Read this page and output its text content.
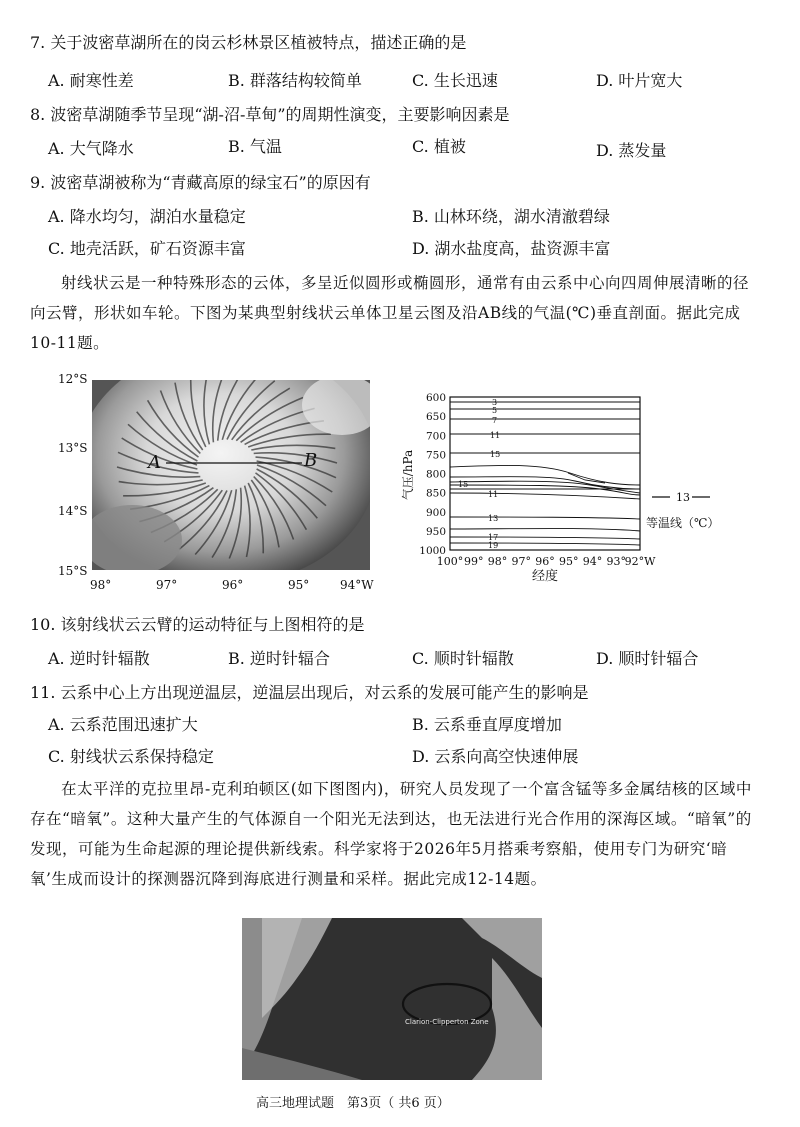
7. 关于波密草湖所在的岗云杉林景区植被特点，描述正确的是
A. 耐寒性差	B. 群落结构较简单	C. 生长迅速	D. 叶片宽大
8. 波密草湖随季节呈现“湖-沼-草甸”的周期性演变，主要影响因素是
A. 大气降水	B. 气温	C. 植被	D. 蒸发量
9. 波密草湖被称为“青藏高原的绿宝石”的原因有
A. 降水均匀，湖泊水量稳定	B. 山林环绕，湖水清澈碧绿
C. 地壳活跃，矿石资源丰富	D. 湖水盐度高，盐资源丰富
射线状云是一种特殊形态的云体，多呈近似圆形或椭圆形，通常有由云系中心向四周伸展清晰的径向云臂，形状如车轮。下图为某典型射线状云单体卫星云图及沿AB线的气温(℃)垂直剖面。据此完成10-11题。
A	B
12°S
13°S
14°S
15°S
98°	97°	96°	95°	94°W
3
5
7
11
15
15
11
13
17
19
600
650
700
750
800
850
900
950
1000
100° 99° 98° 97° 96° 95° 94° 93°
92°W
气压/hPa
经度
13
等温线（℃）
10. 该射线状云云臂的运动特征与上图相符的是
A. 逆时针辐散	B. 逆时针辐合	C. 顺时针辐散	D. 顺时针辐合
11. 云系中心上方出现逆温层，逆温层出现后，对云系的发展可能产生的影响是
A. 云系范围迅速扩大	B. 云系垂直厚度增加
C. 射线状云系保持稳定	D. 云系向高空快速伸展
在太平洋的克拉里昂-克利珀顿区(如下图图内)，研究人员发现了一个富含锰等多金属结核的区域中存在“暗氧”。这种大量产生的气体源自一个阳光无法到达，也无法进行光合作用的深海区域。“暗氧”的发现，可能为生命起源的理论提供新线索。科学家将于2026年5月搭乘考察船，使用专门为研究‘暗氧’生成而设计的探测器沉降到海底进行测量和采样。据此完成12-14题。
Clarion-Clipperton Zone
高三地理试题　第3页（ 共6 页）
